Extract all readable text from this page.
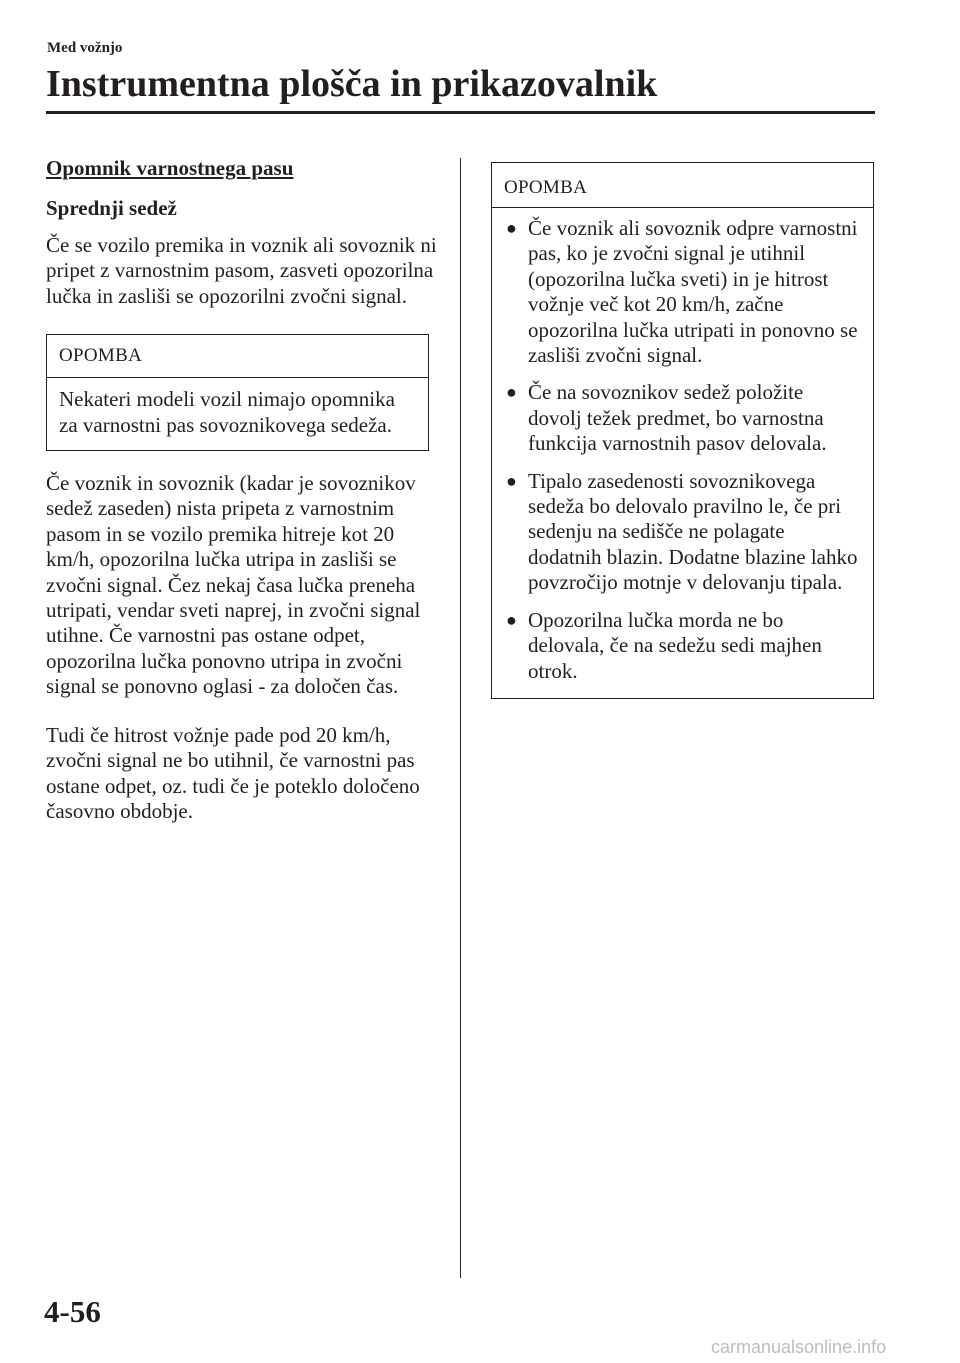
Med vožnjo
Instrumentna plošča in prikazovalnik
Opomnik varnostnega pasu
Sprednji sedež

Če se vozilo premika in voznik ali sovoznik ni pripet z varnostnim pasom, zasveti opozorilna lučka in zasliši se opozorilni zvočni signal.

OPOMBA
Nekateri modeli vozil nimajo opomnika za varnostni pas sovoznikovega sedeža.

Če voznik in sovoznik (kadar je sovoznikov sedež zaseden) nista pripeta z varnostnim pasom in se vozilo premika hitreje kot 20 km/h, opozorilna lučka utripa in zasliši se zvočni signal. Čez nekaj časa lučka preneha utripati, vendar sveti naprej, in zvočni signal utihne. Če varnostni pas ostane odpet, opozorilna lučka ponovno utripa in zvočni signal se ponovno oglasi - za določen čas.

Tudi če hitrost vožnje pade pod 20 km/h, zvočni signal ne bo utihnil, če varnostni pas ostane odpet, oz. tudi če je poteklo določeno časovno obdobje.

OPOMBA
● Če voznik ali sovoznik odpre varnostni pas, ko je zvočni signal je utihnil (opozorilna lučka sveti) in je hitrost vožnje več kot 20 km/h, začne opozorilna lučka utripati in ponovno se zasliši zvočni signal.
● Če na sovoznikov sedež položite dovolj težek predmet, bo varnostna funkcija varnostnih pasov delovala.
● Tipalo zasedenosti sovoznikovega sedeža bo delovalo pravilno le, če pri sedenju na sedišče ne polagate dodatnih blazin. Dodatne blazine lahko povzročijo motnje v delovanju tipala.
● Opozorilna lučka morda ne bo delovala, če na sedežu sedi majhen otrok.
4-56
carmanualsonline.info
